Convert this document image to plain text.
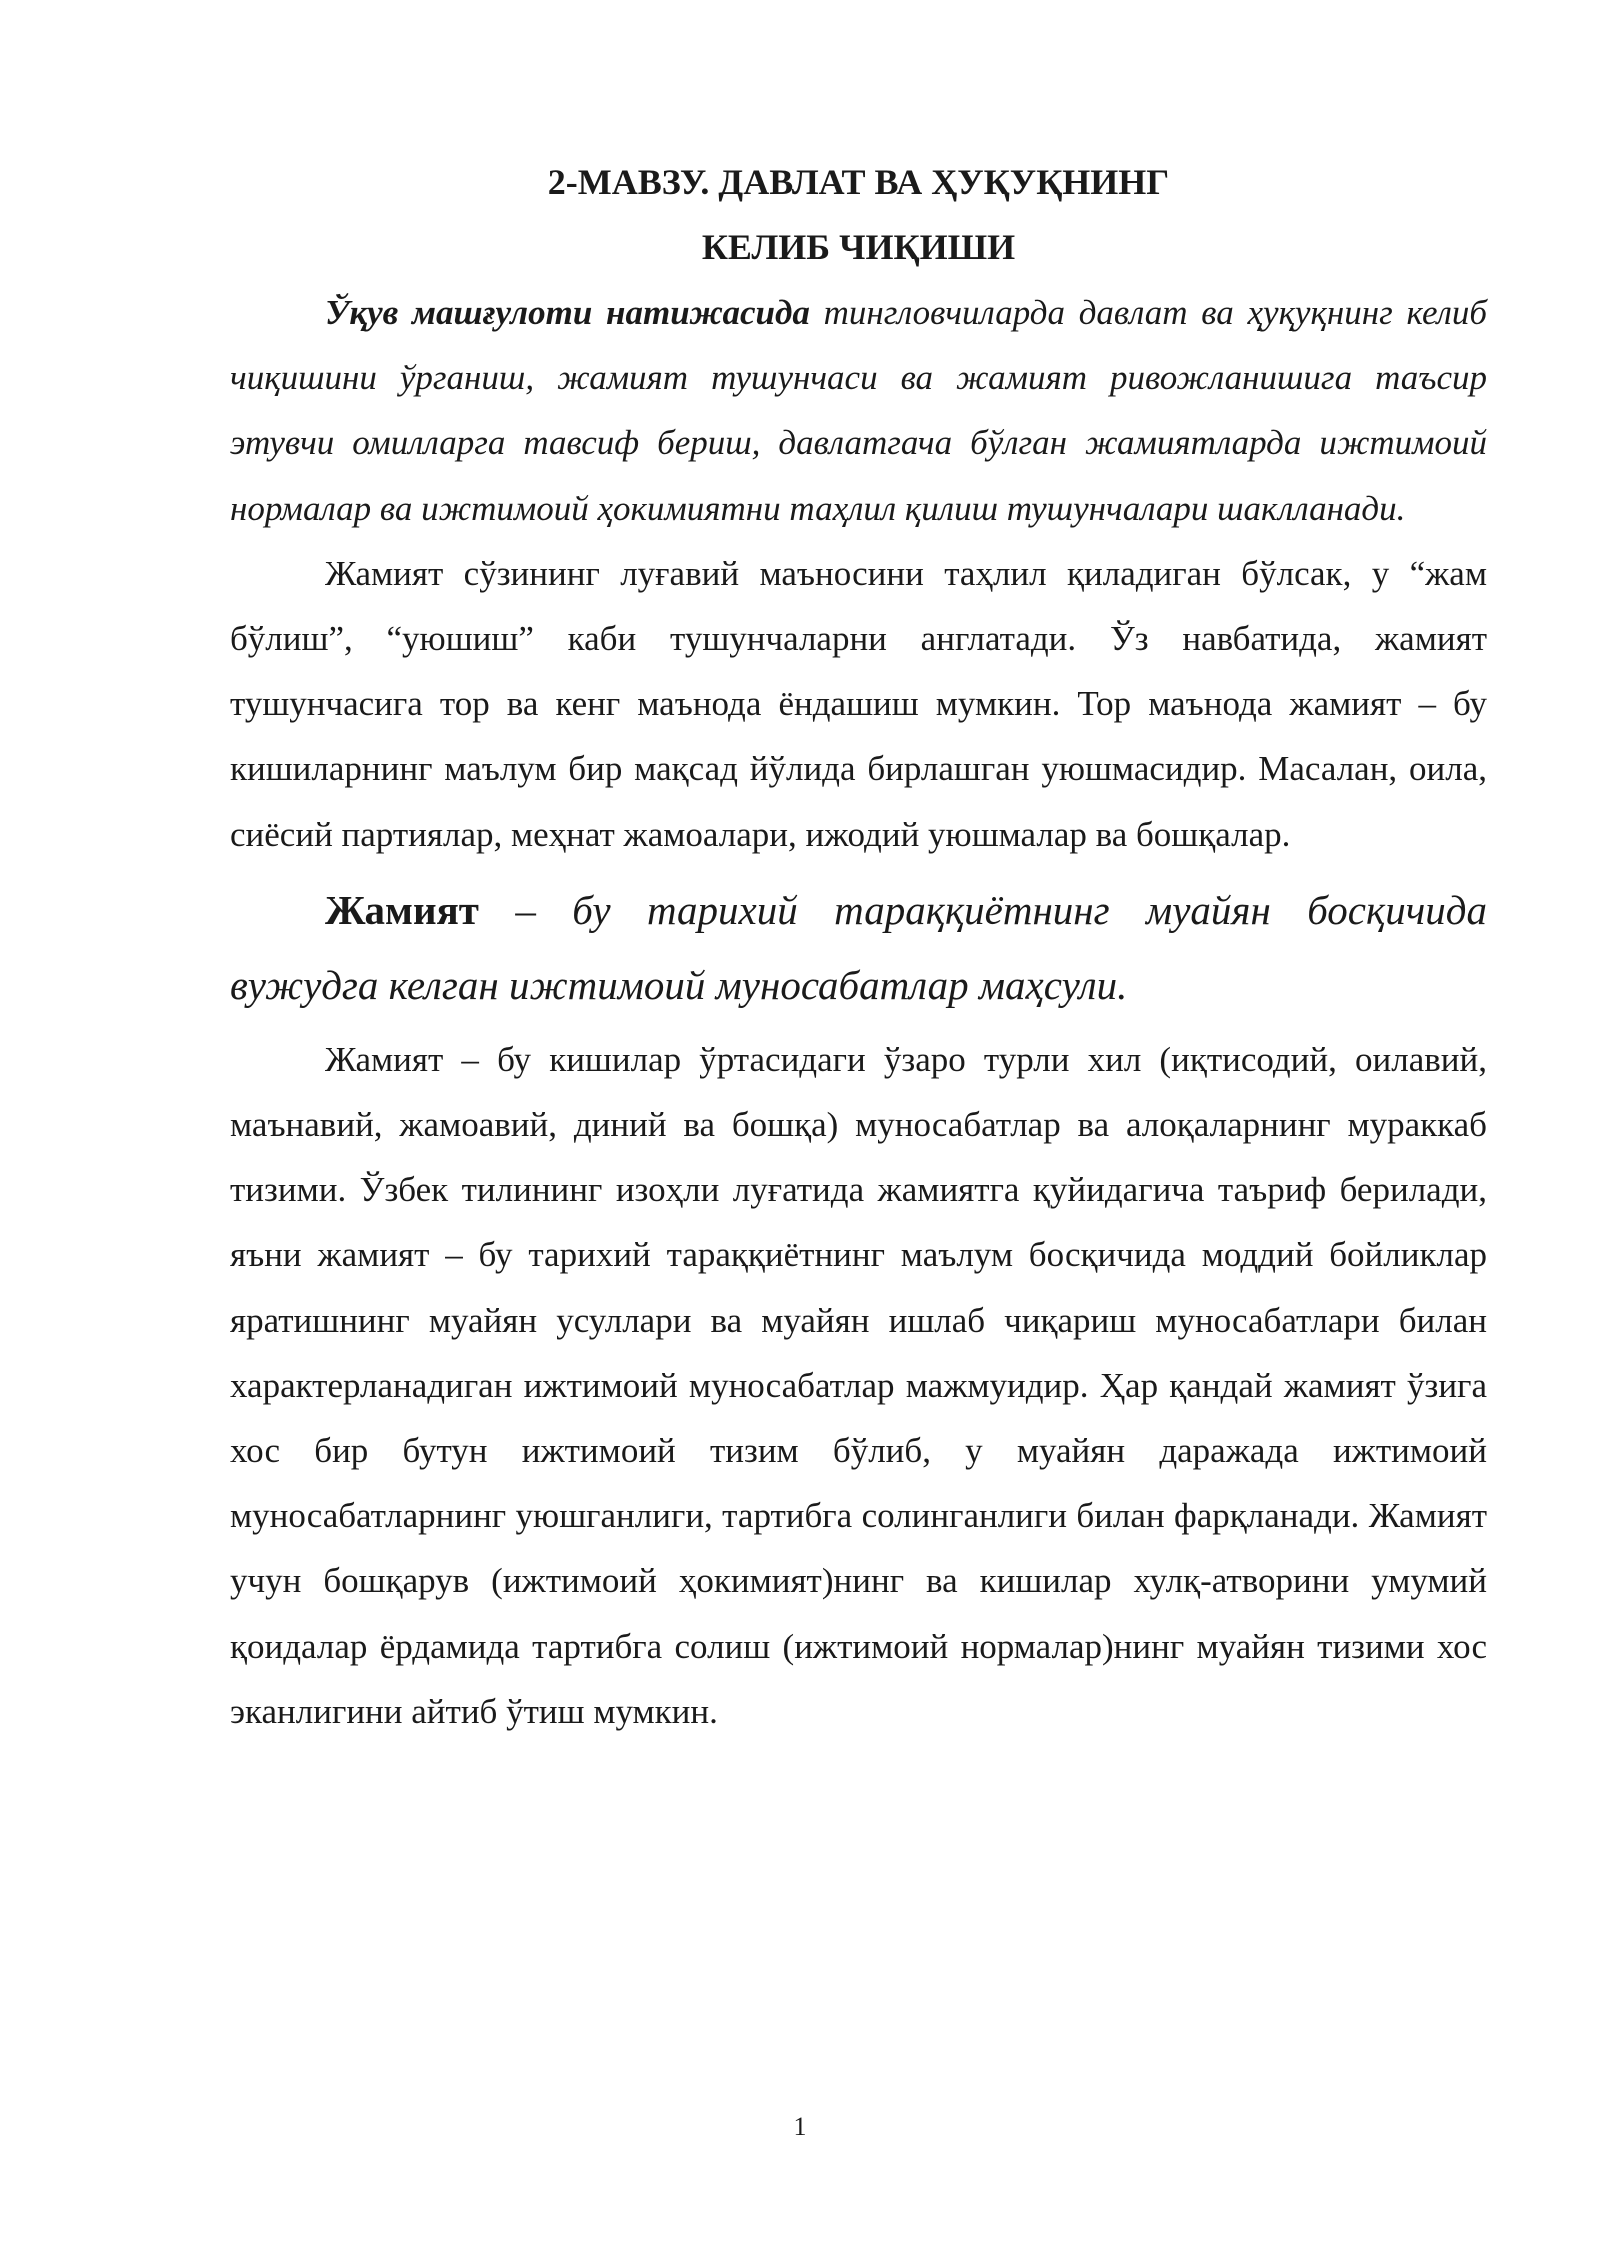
2-МАВЗУ. ДАВЛАТ ВА ҲУҚУҚНИНГ
КЕЛИБ ЧИҚИШИ

Ўқув машғулоти натижасида тингловчиларда давлат ва ҳуқуқнинг келиб чиқишини ўрганиш, жамият тушунчаси ва жамият ривожланишига таъсир этувчи омилларга тавсиф бериш, давлатгача бўлган жамиятларда ижтимоий нормалар ва ижтимоий ҳокимиятни таҳлил қилиш тушунчалари шаклланади.

Жамият сўзининг луғавий маъносини таҳлил қиладиган бўлсак, у “жам бўлиш”, “уюшиш” каби тушунчаларни англатади. Ўз навбатида, жамият тушунчасига тор ва кенг маънода ёндашиш мумкин. Тор маънода жамият – бу кишиларнинг маълум бир мақсад йўлида бирлашган уюшмасидир. Масалан, оила, сиёсий партиялар, меҳнат жамоалари, ижодий уюшмалар ва бошқалар.

Жамият – бу тарихий тараққиётнинг муайян босқичида вужудга келган ижтимоий муносабатлар маҳсули.

Жамият – бу кишилар ўртасидаги ўзаро турли хил (иқтисодий, оилавий, маънавий, жамоавий, диний ва бошқа) муносабатлар ва алоқаларнинг мураккаб тизими. Ўзбек тилининг изоҳли луғатида жамиятга қуйидагича таъриф берилади, яъни жамият – бу тарихий тараққиётнинг маълум босқичида моддий бойликлар яратишнинг муайян усуллари ва муайян ишлаб чиқариш муносабатлари билан характерланадиган ижтимоий муносабатлар мажмуидир. Ҳар қандай жамият ўзига хос бир бутун ижтимоий тизим бўлиб, у муайян даражада ижтимоий муносабатларнинг уюшганлиги, тартибга солинганлиги билан фарқланади. Жамият учун бошқарув (ижтимоий ҳокимият)нинг ва кишилар хулқ-атворини умумий қоидалар ёрдамида тартибга солиш (ижтимоий нормалар)нинг муайян тизими хос эканлигини айтиб ўтиш мумкин.

1
